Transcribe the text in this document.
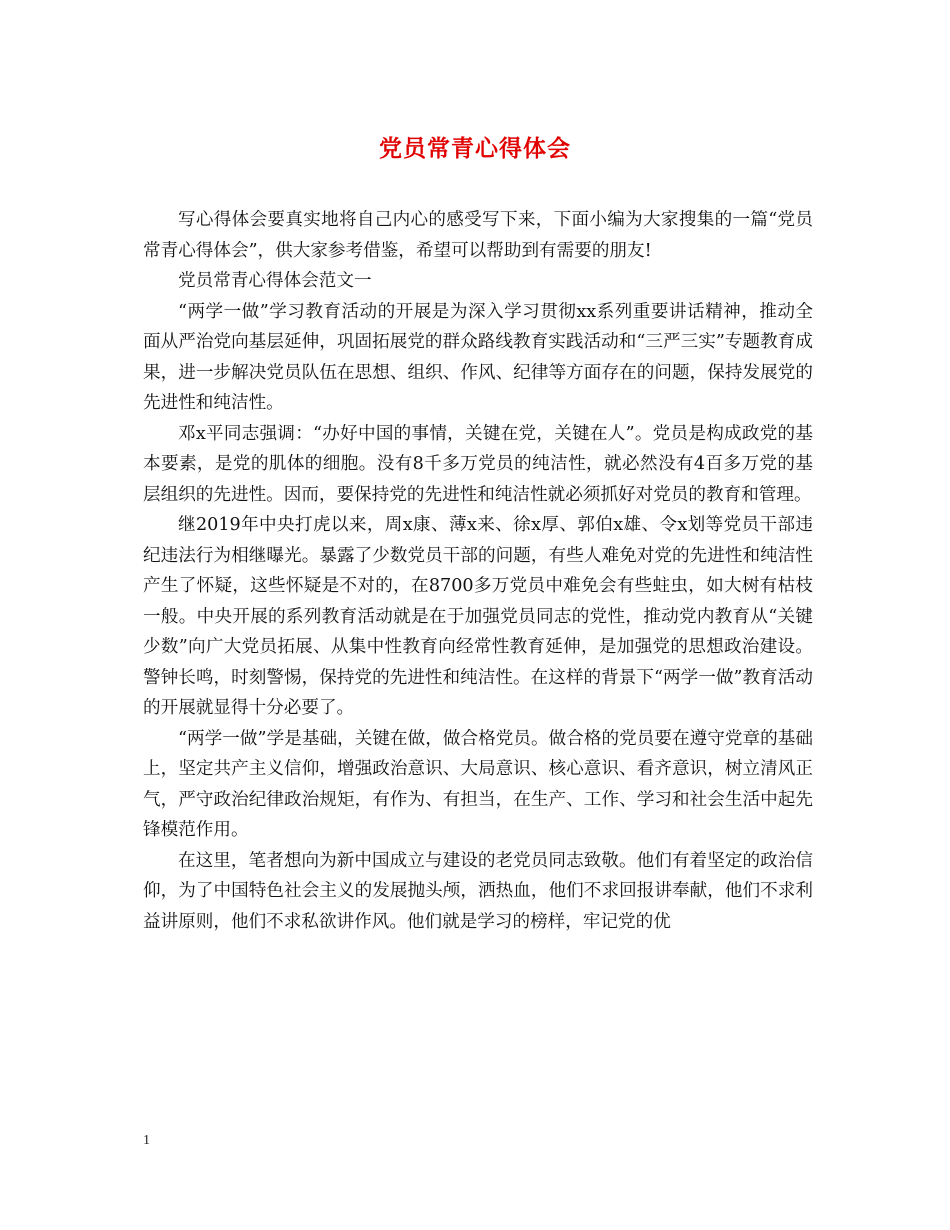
党员常青心得体会

写心得体会要真实地将自己内心的感受写下来，下面小编为大家搜集的一篇“党员常青心得体会”，供大家参考借鉴，希望可以帮助到有需要的朋友!

党员常青心得体会范文一

“两学一做”学习教育活动的开展是为深入学习贯彻xx系列重要讲话精神，推动全面从严治党向基层延伸，巩固拓展党的群众路线教育实践活动和“三严三实”专题教育成果，进一步解决党员队伍在思想、组织、作风、纪律等方面存在的问题，保持发展党的先进性和纯洁性。

邓x平同志强调：“办好中国的事情，关键在党，关键在人”。党员是构成政党的基本要素，是党的肌体的细胞。没有8千多万党员的纯洁性，就必然没有4百多万党的基层组织的先进性。因而，要保持党的先进性和纯洁性就必须抓好对党员的教育和管理。

继2019年中央打虎以来，周x康、薄x来、徐x厚、郭伯x雄、令x划等党员干部违纪违法行为相继曝光。暴露了少数党员干部的问题，有些人难免对党的先进性和纯洁性产生了怀疑，这些怀疑是不对的，在8700多万党员中难免会有些蛀虫，如大树有枯枝一般。中央开展的系列教育活动就是在于加强党员同志的党性，推动党内教育从“关键少数”向广大党员拓展、从集中性教育向经常性教育延伸，是加强党的思想政治建设。警钟长鸣，时刻警惕，保持党的先进性和纯洁性。在这样的背景下“两学一做”教育活动的开展就显得十分必要了。

“两学一做”学是基础，关键在做，做合格党员。做合格的党员要在遵守党章的基础上，坚定共产主义信仰，增强政治意识、大局意识、核心意识、看齐意识，树立清风正气，严守政治纪律政治规矩，有作为、有担当，在生产、工作、学习和社会生活中起先锋模范作用。

在这里，笔者想向为新中国成立与建设的老党员同志致敬。他们有着坚定的政治信仰，为了中国特色社会主义的发展抛头颅，洒热血，他们不求回报讲奉献，他们不求利益讲原则，他们不求私欲讲作风。他们就是学习的榜样，牢记党的优

1
